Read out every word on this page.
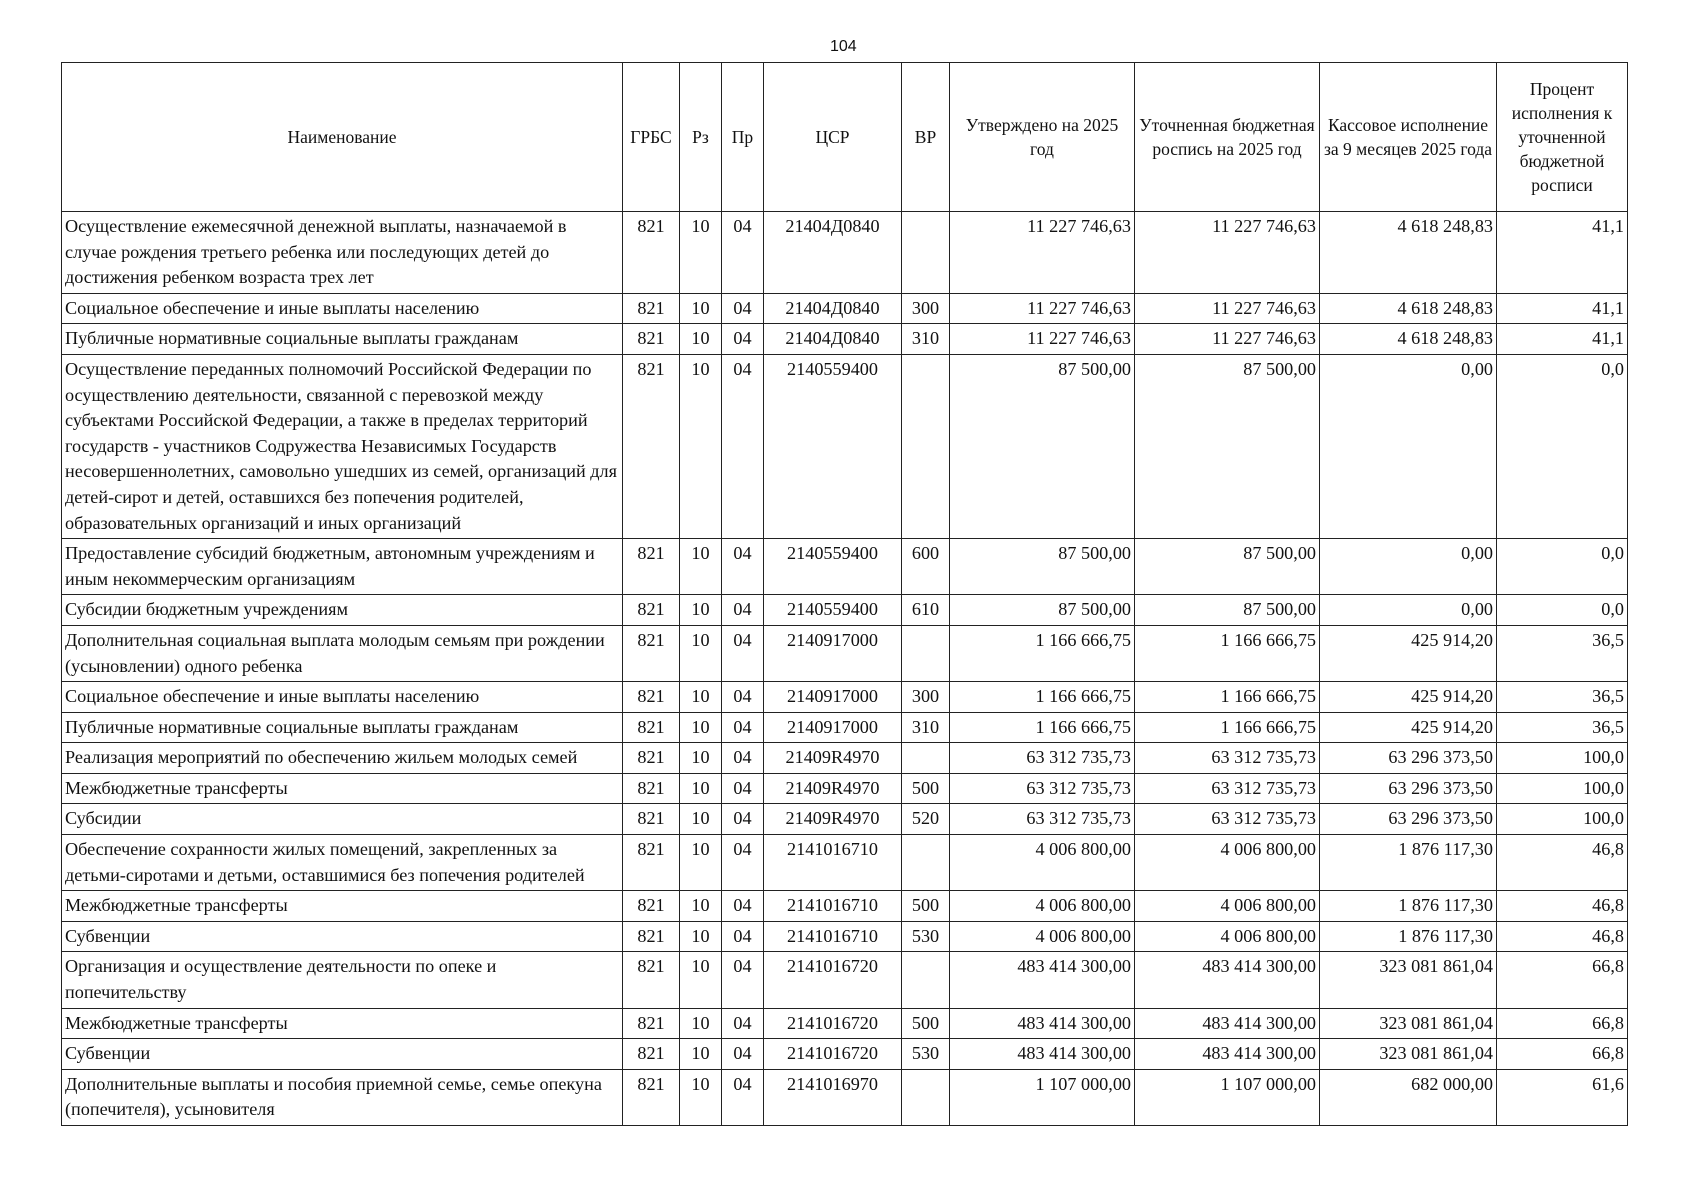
104
Наименование	ГРБС	Рз	Пр	ЦСР	ВР	Утверждено на 2025 год	Уточненная бюджетная роспись на 2025 год	Кассовое исполнение за 9 месяцев 2025 года	Процент исполнения к уточненной бюджетной росписи
Осуществление ежемесячной денежной выплаты, назначаемой в случае рождения третьего ребенка или последующих детей до достижения ребенком возраста трех лет	821	10	04	21404Д0840		11 227 746,63	11 227 746,63	4 618 248,83	41,1
Социальное обеспечение и иные выплаты населению	821	10	04	21404Д0840	300	11 227 746,63	11 227 746,63	4 618 248,83	41,1
Публичные нормативные социальные выплаты гражданам	821	10	04	21404Д0840	310	11 227 746,63	11 227 746,63	4 618 248,83	41,1
Осуществление переданных полномочий Российской Федерации по осуществлению деятельности, связанной с перевозкой между субъектами Российской Федерации, а также в пределах территорий государств - участников Содружества Независимых Государств несовершеннолетних, самовольно ушедших из семей, организаций для детей-сирот и детей, оставшихся без попечения родителей, образовательных организаций и иных организаций	821	10	04	2140559400		87 500,00	87 500,00	0,00	0,0
Предоставление субсидий бюджетным, автономным учреждениям и иным некоммерческим организациям	821	10	04	2140559400	600	87 500,00	87 500,00	0,00	0,0
Субсидии бюджетным учреждениям	821	10	04	2140559400	610	87 500,00	87 500,00	0,00	0,0
Дополнительная социальная выплата молодым семьям при рождении (усыновлении) одного ребенка	821	10	04	2140917000		1 166 666,75	1 166 666,75	425 914,20	36,5
Социальное обеспечение и иные выплаты населению	821	10	04	2140917000	300	1 166 666,75	1 166 666,75	425 914,20	36,5
Публичные нормативные социальные выплаты гражданам	821	10	04	2140917000	310	1 166 666,75	1 166 666,75	425 914,20	36,5
Реализация мероприятий по обеспечению жильем молодых семей	821	10	04	21409R4970		63 312 735,73	63 312 735,73	63 296 373,50	100,0
Межбюджетные трансферты	821	10	04	21409R4970	500	63 312 735,73	63 312 735,73	63 296 373,50	100,0
Субсидии	821	10	04	21409R4970	520	63 312 735,73	63 312 735,73	63 296 373,50	100,0
Обеспечение сохранности жилых помещений, закрепленных за детьми-сиротами и детьми, оставшимися без попечения родителей	821	10	04	2141016710		4 006 800,00	4 006 800,00	1 876 117,30	46,8
Межбюджетные трансферты	821	10	04	2141016710	500	4 006 800,00	4 006 800,00	1 876 117,30	46,8
Субвенции	821	10	04	2141016710	530	4 006 800,00	4 006 800,00	1 876 117,30	46,8
Организация и осуществление деятельности по опеке и попечительству	821	10	04	2141016720		483 414 300,00	483 414 300,00	323 081 861,04	66,8
Межбюджетные трансферты	821	10	04	2141016720	500	483 414 300,00	483 414 300,00	323 081 861,04	66,8
Субвенции	821	10	04	2141016720	530	483 414 300,00	483 414 300,00	323 081 861,04	66,8
Дополнительные выплаты и пособия приемной семье, семье опекуна (попечителя), усыновителя	821	10	04	2141016970		1 107 000,00	1 107 000,00	682 000,00	61,6
